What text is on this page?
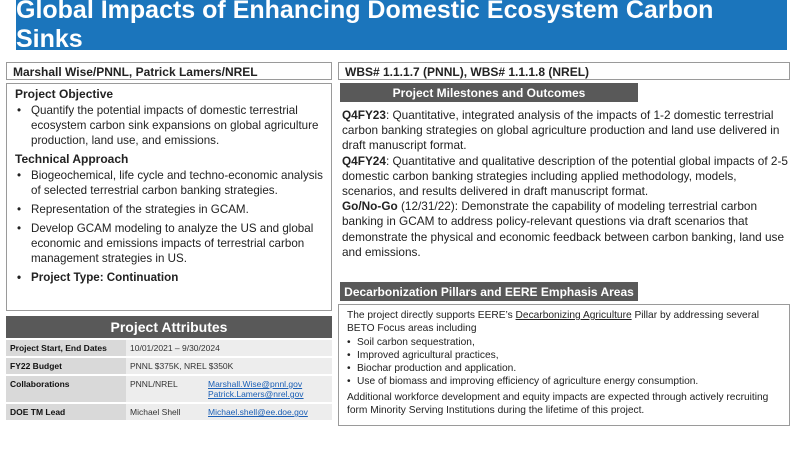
Global Impacts of Enhancing Domestic Ecosystem Carbon Sinks
Marshall Wise/PNNL, Patrick Lamers/NREL	WBS# 1.1.1.7 (PNNL), WBS# 1.1.1.8 (NREL)
Project Objective
• Quantify the potential impacts of domestic terrestrial ecosystem carbon sink expansions on global agriculture production, land use, and emissions.
Technical Approach
• Biogeochemical, life cycle and techno-economic analysis of selected terrestrial carbon banking strategies.
• Representation of the strategies in GCAM.
• Develop GCAM modeling to analyze the US and global economic and emissions impacts of terrestrial carbon management strategies in US.
• Project Type: Continuation
Project Attributes
Project Start, End Dates	10/01/2021 – 9/30/2024	
FY22 Budget	PNNL $375K, NREL $350K	
Collaborations	PNNL/NREL	Marshall.Wise@pnnl.gov
Patrick.Lamers@nrel.gov

DOE TM Lead	Michael Shell	Michael.shell@ee.doe.gov
Project Milestones and Outcomes

Q4FY23: Quantitative, integrated analysis of the impacts of 1-2 domestic terrestrial carbon banking strategies on global agriculture production and land use delivered in draft manuscript format.

Q4FY24: Quantitative and qualitative description of the potential global impacts of 2-5 domestic carbon banking strategies including applied methodology, models, scenarios, and results delivered in draft manuscript format.

Go/No-Go (12/31/22): Demonstrate the capability of modeling terrestrial carbon banking in GCAM to address policy-relevant questions via draft scenarios that demonstrate the physical and economic feedback between carbon banking, land use and emissions.

Decarbonization Pillars and EERE Emphasis Areas

The project directly supports EERE’s Decarbonizing Agriculture Pillar by addressing several BETO Focus areas including

• Soil carbon sequestration,
• Improved agricultural practices,
• Biochar production and application.
• Use of biomass and improving efficiency of agriculture energy consumption.

Additional workforce development and equity impacts are expected through actively recruiting form Minority Serving Institutions during the lifetime of this project.
